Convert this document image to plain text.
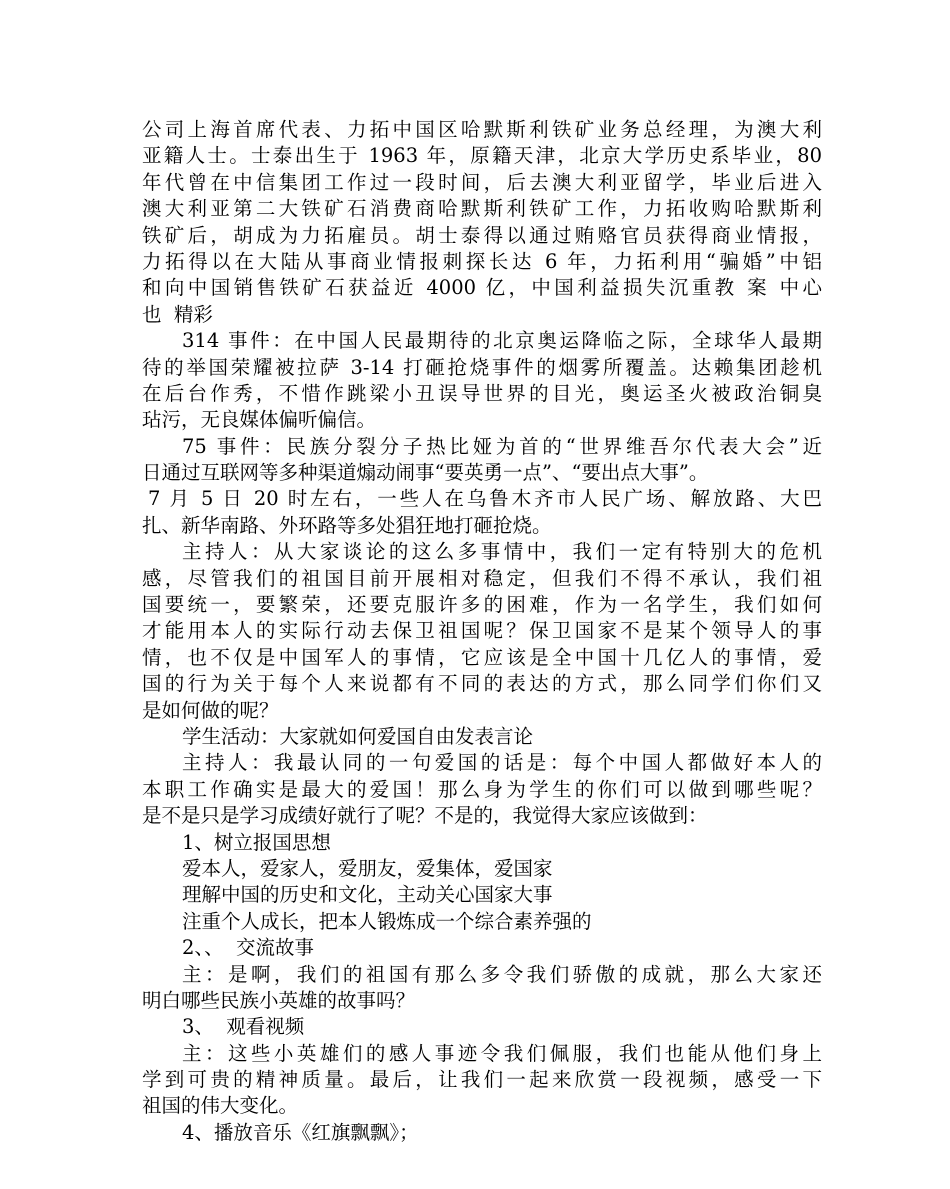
公司上海首席代表、力拓中国区哈默斯利铁矿业务总经理，为澳大利
亚籍人士。士泰出生于 1963 年，原籍天津，北京大学历史系毕业，80
年代曾在中信集团工作过一段时间，后去澳大利亚留学，毕业后进入
澳大利亚第二大铁矿石消费商哈默斯利铁矿工作，力拓收购哈默斯利
铁矿后，胡成为力拓雇员。胡士泰得以通过贿赂官员获得商业情报，
力拓得以在大陆从事商业情报刺探长达 6 年，力拓利用“骗婚”中铝
和向中国销售铁矿石获益近 4000 亿，中国利益损失沉重教 案 中心
也  精彩
314 事件：在中国人民最期待的北京奥运降临之际，全球华人最期
待的举国荣耀被拉萨 3-14 打砸抢烧事件的烟雾所覆盖。达赖集团趁机
在后台作秀，不惜作跳梁小丑误导世界的目光，奥运圣火被政治铜臭
玷污，无良媒体偏听偏信。
75 事件：民族分裂分子热比娅为首的“世界维吾尔代表大会”近
日通过互联网等多种渠道煽动闹事“要英勇一点”、“要出点大事”。
7 月 5 日 20 时左右，一些人在乌鲁木齐市人民广场、解放路、大巴
扎、新华南路、外环路等多处猖狂地打砸抢烧。
主持人：从大家谈论的这么多事情中，我们一定有特别大的危机
感，尽管我们的祖国目前开展相对稳定，但我们不得不承认，我们祖
国要统一，要繁荣，还要克服许多的困难，作为一名学生，我们如何
才能用本人的实际行动去保卫祖国呢？保卫国家不是某个领导人的事
情，也不仅是中国军人的事情，它应该是全中国十几亿人的事情，爱
国的行为关于每个人来说都有不同的表达的方式，那么同学们你们又
是如何做的呢？
学生活动：大家就如何爱国自由发表言论
主持人：我最认同的一句爱国的话是：每个中国人都做好本人的
本职工作确实是最大的爱国！那么身为学生的你们可以做到哪些呢？
是不是只是学习成绩好就行了呢？不是的，我觉得大家应该做到：
1、树立报国思想
爱本人，爱家人，爱朋友，爱集体，爱国家
理解中国的历史和文化，主动关心国家大事
注重个人成长，把本人锻炼成一个综合素养强的
2、、  交流故事
主：是啊，我们的祖国有那么多令我们骄傲的成就，那么大家还
明白哪些民族小英雄的故事吗？
3、  观看视频
主：这些小英雄们的感人事迹令我们佩服，我们也能从他们身上
学到可贵的精神质量。最后，让我们一起来欣赏一段视频，感受一下
祖国的伟大变化。
4、播放音乐《红旗飘飘》；
